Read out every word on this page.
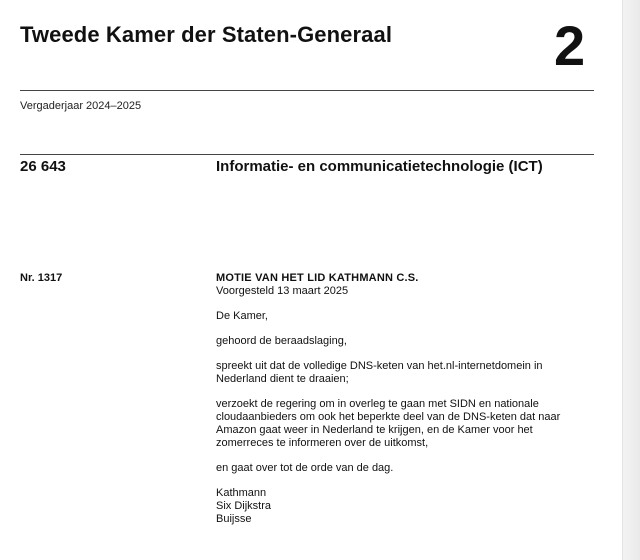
Tweede Kamer der Staten-Generaal	2
Vergaderjaar 2024–2025
26 643	Informatie- en communicatietechnologie (ICT)
Nr. 1317	MOTIE VAN HET LID KATHMANN C.S.
Voorgesteld 13 maart 2025
De Kamer,
gehoord de beraadslaging,
spreekt uit dat de volledige DNS-keten van het.nl-internetdomein in
Nederland dient te draaien;
verzoekt de regering om in overleg te gaan met SIDN en nationale
cloudaanbieders om ook het beperkte deel van de DNS-keten dat naar
Amazon gaat weer in Nederland te krijgen, en de Kamer voor het
zomerreces te informeren over de uitkomst,
en gaat over tot de orde van de dag.
Kathmann
Six Dijkstra
Buijsse
